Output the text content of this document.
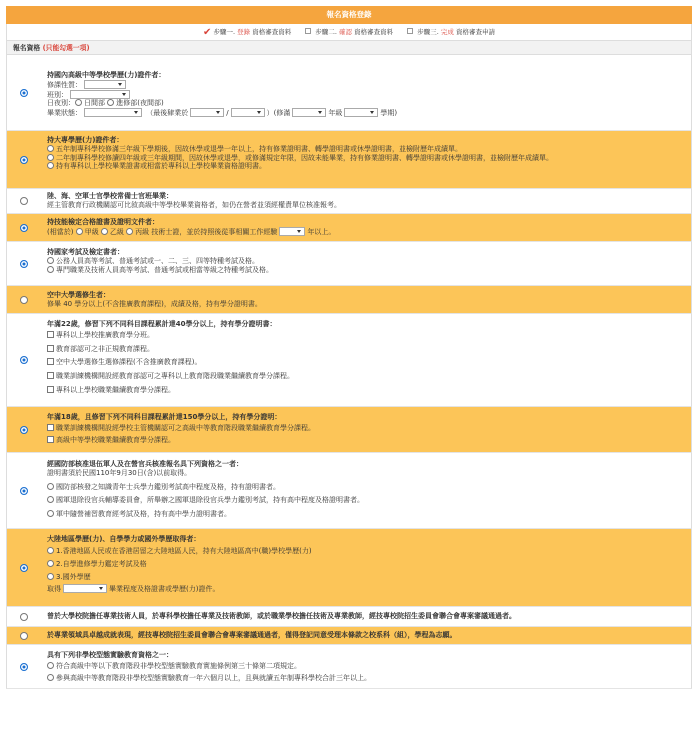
報名資格登錄
✔ 步驟一. 登錄 資格審查資料	步驟二. 確認 資格審查資料	步驟三. 完成 資格審查申請
報名資格 (只能勾選一項)
持國內高級中等學校學歷(力)證件者：
修課性質：
班別：
日夜別： 日間部 進修部(夜間部)
畢業狀態：	（最後肄業於	/	）(修滿	年級	學期)
持大專學歷(力)證件者：
五年制專科學校修滿三年級下學期後，因故休學或退學一年以上，持有修業證明書、轉學證明書或休學證明書，並檢附歷年成績單。
二年制專科學校修讀四年級或三年級期間，因故休學或退學，或修滿規定年限，因故未能畢業，持有修業證明書、轉學證明書或休學證明書，並檢附歷年成績單。
持有專科以上學校畢業證書或相當於專科以上學校畢業資格證明書。
陸、海、空軍士官學校常備士官班畢業：
經主管教育行政機關認可比敘高級中等學校畢業資格者，如仍在營者並須經權責單位核准報考。
持技能檢定合格證書及證明文件者：
(相當於) 甲級 乙級 丙級 技術士證，並於持照後從事相關工作經驗	年以上。
持國家考試及檢定書者：
公務人員高等考試、普通考試或一、二、三、四等特種考試及格。
專門職業及技術人員高等考試、普通考試或相當等級之特種考試及格。
空中大學選修生者：
修畢 40 學分以上(不含推廣教育課程)，成績及格，持有學分證明書。
年滿22歲，修習下列不同科目課程累計達40學分以上，持有學分證明書：
專科以上學校推廣教育學分班。
教育部認可之非正規教育課程。
空中大學選修生選修課程(不含推廣教育課程)。
職業訓練機構開設經教育部認可之專科以上教育階段職業繼續教育學分課程。
專科以上學校職業繼續教育學分課程。
年滿18歲，且修習下列不同科目課程累計達150學分以上，持有學分證明：
職業訓練機構開設經學校主管機關認可之高級中等教育階段職業繼續教育學分課程。
高級中等學校職業繼續教育學分課程。
經國防部核准退伍軍人及在營官兵核准報名具下列資格之一者：
證明書須於民國110年9月30日(含)以前取得。
國防部核發之知識青年士兵學力鑑別考試高中程度及格，持有證明書者。
國軍退除役官兵輔導委員會，所舉辦之國軍退除役官兵學力鑑別考試，持有高中程度及格證明書者。
軍中隨營補習教育經考試及格，持有高中學力證明書者。
大陸地區學歷(力)、自學學力或國外學歷取得者：
1.香港地區人民或在香港居留之大陸地區人民，持有大陸地區高中(職)學校學歷(力)
2.自學進修學力鑑定考試及格
3.國外學歷
取得	畢業程度及格證書或學歷(力)證件。
曾於大學校院擔任專業技術人員，於專科學校擔任專業及技術教師，或於職業學校擔任技術及專業教師，經技專校院招生委員會聯合會專案審議通過者。
於專業領域具卓越成就表現，經技專校院招生委員會聯合會專案審議通過者，僅得登記同意受理本條款之校系科（組），學程為志願。
具有下列非學校型態實驗教育資格之一：
符合高級中等以下教育階段非學校型態實驗教育實施條例第三十條第二項規定。
參與高級中等教育階段非學校型態實驗教育一年六個月以上，且與就讀五年制專科學校合計三年以上。
